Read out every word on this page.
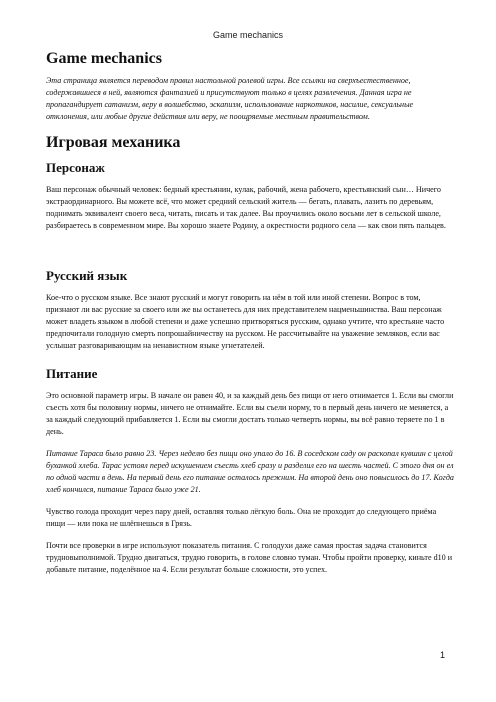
Game mechanics
Game mechanics

Эта страница является переводом правил настольной ролевой игры. Все ссылки на сверхъестественное, содержавшиеся в ней, являются фантазией и присутствуют только в целях развлечения. Данная игра не пропагандирует сатанизм, веру в волшебство, эскапизм, использование наркотиков, насилие, сексуальные отклонения, или любые другие действия или веру, не поощряемые местным правительством.

Игровая механика
Персонаж

Ваш персонаж обычный человек: бедный крестьянин, кулак, рабочий, жена рабочего, крестьянский сын… Ничего экстраординарного. Вы можете всё, что может средний сельский житель — бегать, плавать, лазить по деревьям, поднимать эквивалент своего веса, читать, писать и так далее. Вы проучились около восьми лет в сельской школе, разбираетесь в современном мире. Вы хорошо знаете Родину, а окрестности родного села — как свои пять пальцев.

Русский язык

Кое-что о русском языке. Все знают русский и могут говорить на нём в той или иной степени. Вопрос в том, признают ли вас русские за своего или же вы останетесь для них представителем нацменьшинства. Ваш персонаж может владеть языком в любой степени и даже успешно притворяться русским, однако учтите, что крестьяне часто предпочитали голодную смерть попрошайничеству на русском. Не рассчитывайте на уважение земляков, если вас услышат разговаривающим на ненавистном языке угнетателей.

Питание

Это основной параметр игры. В начале он равен 40, и за каждый день без пищи от него отнимается 1. Если вы смогли съесть хотя бы половину нормы, ничего не отнимайте. Если вы съели норму, то в первый день ничего не меняется, а за каждый следующий прибавляется 1. Если вы смогли достать только четверть нормы, вы всё равно теряете по 1 в день.

Питание Тараса было равно 23. Через неделю без пищи оно упало до 16. В соседском саду он раскопал кувшин с целой буханкой хлеба. Тарас устоял перед искушением съесть хлеб сразу и разделил его на шесть частей. С этого дня он ел по одной части в день. На первый день его питание осталось прежним. На второй день оно повысилось до 17. Когда хлеб кончился, питание Тараса было уже 21.

Чувство голода проходит через пару дней, оставляя только лёгкую боль. Она не проходит до следующего приёма пищи — или пока не шлёпнешься в Грязь.

Почти все проверки в игре используют показатель питания. С голодухи даже самая простая задача становится трудновыполнимой. Трудно двигаться, трудно говорить, в голове словно туман. Чтобы пройти проверку, киньте d10 и добавьте питание, поделённое на 4. Если результат больше сложности, это успех.

1
